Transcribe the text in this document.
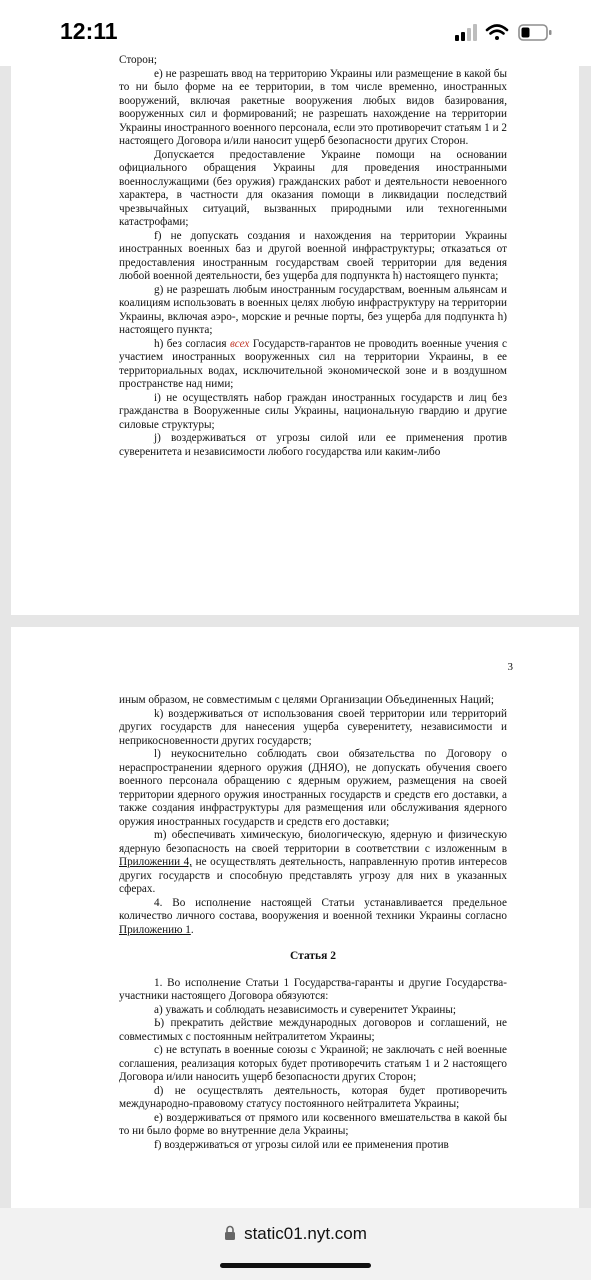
12:11

Сторон;

e) не разрешать ввод на территорию Украины или размещение в какой бы то ни было форме на ее территории, в том числе временно, иностранных вооружений, включая ракетные вооружения любых видов базирования, вооруженных сил и формирований; не разрешать нахождение на территории Украины иностранного военного персонала, если это противоречит статьям 1 и 2 настоящего Договора и/или наносит ущерб безопасности других Сторон.

Допускается предоставление Украине помощи на основании официального обращения Украины для проведения иностранными военнослужащими (без оружия) гражданских работ и деятельности невоенного характера, в частности для оказания помощи в ликвидации последствий чрезвычайных ситуаций, вызванных природными или техногенными катастрофами;

f) не допускать создания и нахождения на территории Украины иностранных военных баз и другой военной инфраструктуры; отказаться от предоставления иностранным государствам своей территории для ведения любой военной деятельности, без ущерба для подпункта h) настоящего пункта;

g) не разрешать любым иностранным государствам, военным альянсам и коалициям использовать в военных целях любую инфраструктуру на территории Украины, включая аэро-, морские и речные порты, без ущерба для подпункта h) настоящего пункта;

h) без согласия всех Государств-гарантов не проводить военные учения с участием иностранных вооруженных сил на территории Украины, в ее территориальных водах, исключительной экономической зоне и в воздушном пространстве над ними;

i) не осуществлять набор граждан иностранных государств и лиц без гражданства в Вооруженные силы Украины, национальную гвардию и другие силовые структуры;

j) воздерживаться от угрозы силой или ее применения против суверенитета и независимости любого государства или каким-либо

3

иным образом, не совместимым с целями Организации Объединенных Наций;

k) воздерживаться от использования своей территории или территорий других государств для нанесения ущерба суверенитету, независимости и неприкосновенности других государств;

l) неукоснительно соблюдать свои обязательства по Договору о нераспространении ядерного оружия (ДНЯО), не допускать обучения своего военного персонала обращению с ядерным оружием, размещения на своей территории ядерного оружия иностранных государств и средств его доставки, а также создания инфраструктуры для размещения или обслуживания ядерного оружия иностранных государств и средств его доставки;

m) обеспечивать химическую, биологическую, ядерную и физическую ядерную безопасность на своей территории в соответствии с изложенным в Приложении 4, не осуществлять деятельность, направленную против интересов других государств и способную представлять угрозу для них в указанных сферах.

4. Во исполнение настоящей Статьи устанавливается предельное количество личного состава, вооружения и военной техники Украины согласно Приложению 1.

Статья 2

1. Во исполнение Статьи 1 Государства-гаранты и другие Государства-участники настоящего Договора обязуются:

а) уважать и соблюдать независимость и суверенитет Украины;

Ь) прекратить действие международных договоров и соглашений, не совместимых с постоянным нейтралитетом Украины;

с) не вступать в военные союзы с Украиной; не заключать с ней военные соглашения, реализация которых будет противоречить статьям 1 и 2 настоящего Договора и/или наносить ущерб безопасности других Сторон;

d) не осуществлять деятельность, которая будет противоречить международно-правовому статусу постоянного нейтралитета Украины;

е) воздерживаться от прямого или косвенного вмешательства в какой бы то ни было форме во внутренние дела Украины;

f) воздерживаться от угрозы силой или ее применения против

static01.nyt.com
